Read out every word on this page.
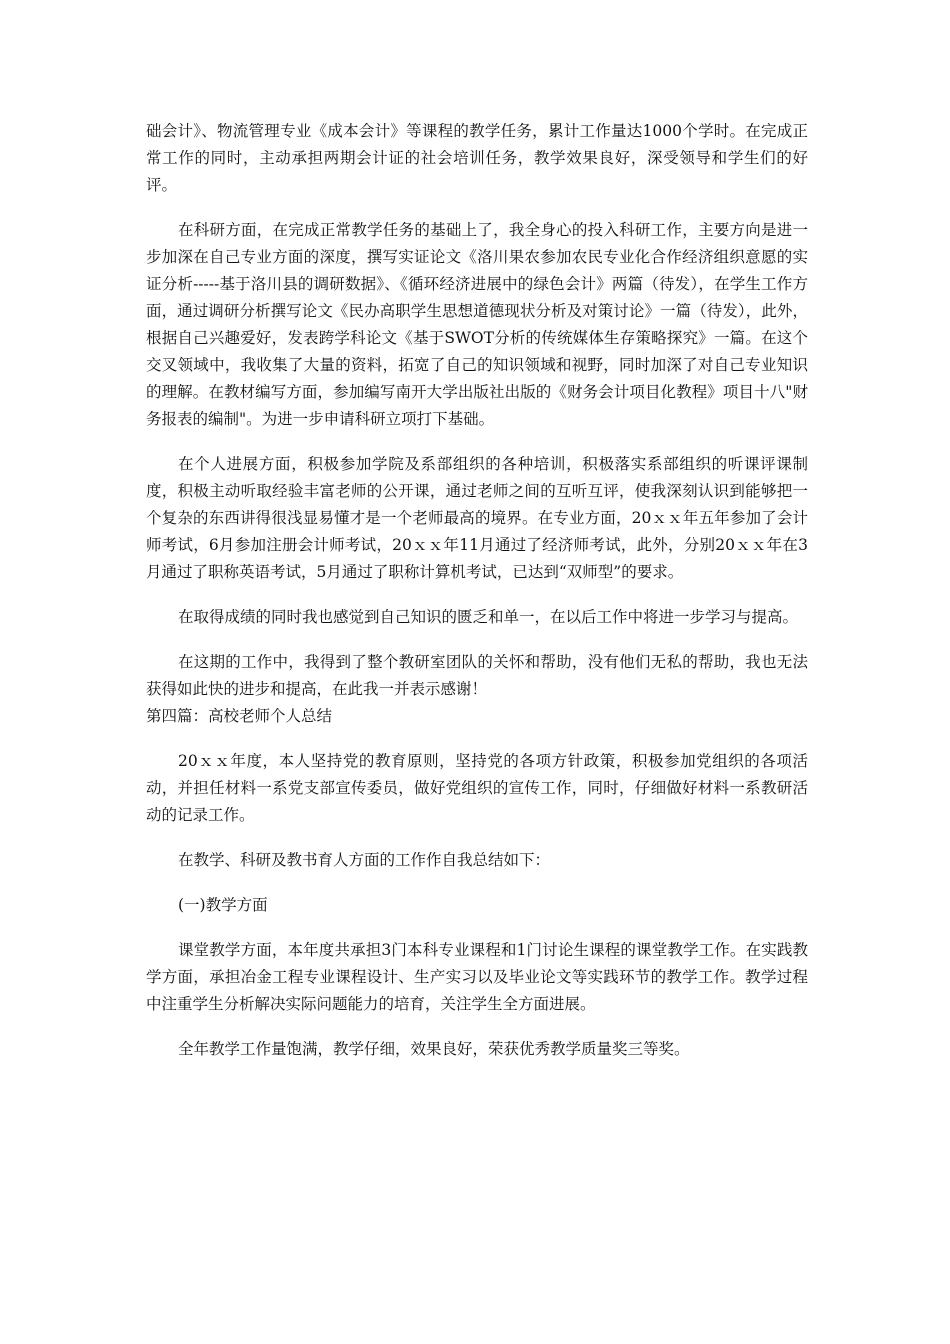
础会计》、物流管理专业《成本会计》等课程的教学任务，累计工作量达1000个学时。在完成正常工作的同时，主动承担两期会计证的社会培训任务，教学效果良好，深受领导和学生们的好评。

在科研方面，在完成正常教学任务的基础上了，我全身心的投入科研工作，主要方向是进一步加深在自己专业方面的深度，撰写实证论文《洛川果农参加农民专业化合作经济组织意愿的实证分析-----基于洛川县的调研数据》、《循环经济进展中的绿色会计》两篇（待发），在学生工作方面，通过调研分析撰写论文《民办高职学生思想道德现状分析及对策讨论》一篇（待发），此外，根据自己兴趣爱好，发表跨学科论文《基于SWOT分析的传统媒体生存策略探究》一篇。在这个交叉领域中，我收集了大量的资料，拓宽了自己的知识领域和视野，同时加深了对自己专业知识的理解。在教材编写方面，参加编写南开大学出版社出版的《财务会计项目化教程》项目十八"财务报表的编制"。为进一步申请科研立项打下基础。

在个人进展方面，积极参加学院及系部组织的各种培训，积极落实系部组织的听课评课制度，积极主动听取经验丰富老师的公开课，通过老师之间的互听互评，使我深刻认识到能够把一个复杂的东西讲得很浅显易懂才是一个老师最高的境界。在专业方面，20ｘｘ年五年参加了会计师考试，6月参加注册会计师考试，20ｘｘ年11月通过了经济师考试，此外，分别20ｘｘ年在3月通过了职称英语考试，5月通过了职称计算机考试，已达到“双师型”的要求。

在取得成绩的同时我也感觉到自己知识的匮乏和单一，在以后工作中将进一步学习与提高。

在这期的工作中，我得到了整个教研室团队的关怀和帮助，没有他们无私的帮助，我也无法获得如此快的进步和提高，在此我一并表示感谢！

第四篇：高校老师个人总结

20ｘｘ年度，本人坚持党的教育原则，坚持党的各项方针政策，积极参加党组织的各项活动，并担任材料一系党支部宣传委员，做好党组织的宣传工作，同时，仔细做好材料一系教研活动的记录工作。

在教学、科研及教书育人方面的工作作自我总结如下：

(一)教学方面

课堂教学方面，本年度共承担3门本科专业课程和1门讨论生课程的课堂教学工作。在实践教学方面，承担冶金工程专业课程设计、生产实习以及毕业论文等实践环节的教学工作。教学过程中注重学生分析解决实际问题能力的培育，关注学生全方面进展。

全年教学工作量饱满，教学仔细，效果良好，荣获优秀教学质量奖三等奖。
